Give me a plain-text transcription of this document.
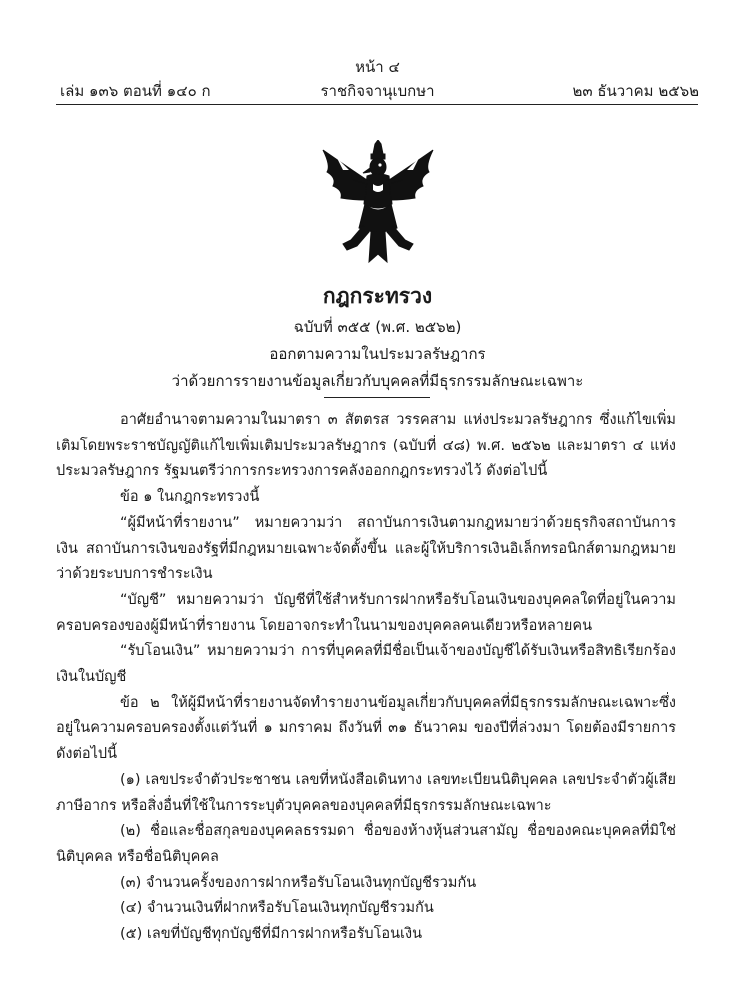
หน้า ๔
เล่ม ๑๓๖ ตอนที่ ๑๔๐ ก	ราชกิจจานุเบกษา	๒๓ ธันวาคม ๒๕๖๒
กฎกระทรวง
ฉบับที่ ๓๕๕ (พ.ศ. ๒๕๖๒)
ออกตามความในประมวลรัษฎากร
ว่าด้วยการรายงานข้อมูลเกี่ยวกับบุคคลที่มีธุรกรรมลักษณะเฉพาะ

อาศัยอำนาจตามความในมาตรา ๓ สัตตรส วรรคสาม แห่งประมวลรัษฎากร ซึ่งแก้ไขเพิ่มเติมโดยพระราชบัญญัติแก้ไขเพิ่มเติมประมวลรัษฎากร (ฉบับที่ ๔๘) พ.ศ. ๒๕๖๒ และมาตรา ๔ แห่งประมวลรัษฎากร รัฐมนตรีว่าการกระทรวงการคลังออกกฎกระทรวงไว้ ดังต่อไปนี้

ข้อ ๑ ในกฎกระทรวงนี้

“ผู้มีหน้าที่รายงาน” หมายความว่า สถาบันการเงินตามกฎหมายว่าด้วยธุรกิจสถาบันการเงิน สถาบันการเงินของรัฐที่มีกฎหมายเฉพาะจัดตั้งขึ้น และผู้ให้บริการเงินอิเล็กทรอนิกส์ตามกฎหมายว่าด้วยระบบการชำระเงิน

“บัญชี” หมายความว่า บัญชีที่ใช้สำหรับการฝากหรือรับโอนเงินของบุคคลใดที่อยู่ในความครอบครองของผู้มีหน้าที่รายงาน โดยอาจกระทำในนามของบุคคลคนเดียวหรือหลายคน

“รับโอนเงิน” หมายความว่า การที่บุคคลที่มีชื่อเป็นเจ้าของบัญชีได้รับเงินหรือสิทธิเรียกร้องเงินในบัญชี

ข้อ ๒ ให้ผู้มีหน้าที่รายงานจัดทำรายงานข้อมูลเกี่ยวกับบุคคลที่มีธุรกรรมลักษณะเฉพาะซึ่งอยู่ในความครอบครองตั้งแต่วันที่ ๑ มกราคม ถึงวันที่ ๓๑ ธันวาคม ของปีที่ล่วงมา โดยต้องมีรายการดังต่อไปนี้

(๑) เลขประจำตัวประชาชน เลขที่หนังสือเดินทาง เลขทะเบียนนิติบุคคล เลขประจำตัวผู้เสียภาษีอากร หรือสิ่งอื่นที่ใช้ในการระบุตัวบุคคลของบุคคลที่มีธุรกรรมลักษณะเฉพาะ

(๒) ชื่อและชื่อสกุลของบุคคลธรรมดา ชื่อของห้างหุ้นส่วนสามัญ ชื่อของคณะบุคคลที่มิใช่นิติบุคคล หรือชื่อนิติบุคคล

(๓) จำนวนครั้งของการฝากหรือรับโอนเงินทุกบัญชีรวมกัน

(๔) จำนวนเงินที่ฝากหรือรับโอนเงินทุกบัญชีรวมกัน

(๕) เลขที่บัญชีทุกบัญชีที่มีการฝากหรือรับโอนเงิน
